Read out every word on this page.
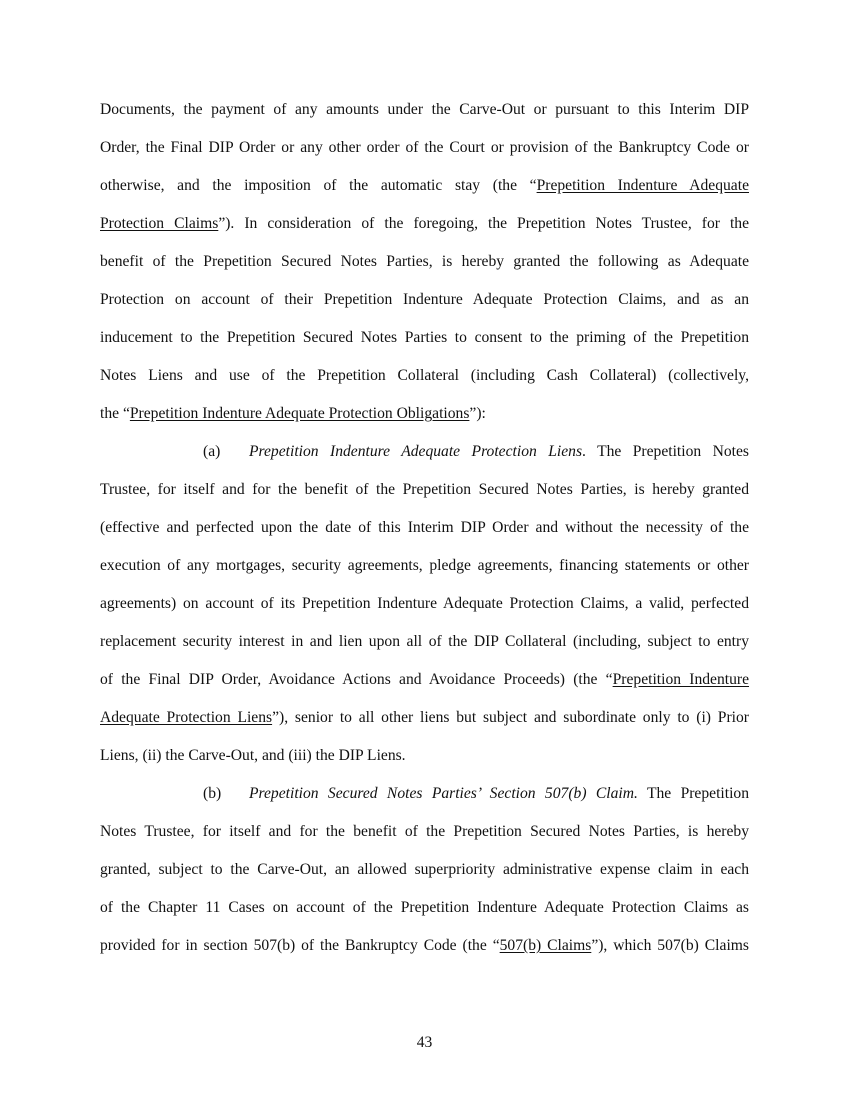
Documents, the payment of any amounts under the Carve-Out or pursuant to this Interim DIP
Order, the Final DIP Order or any other order of the Court or provision of the Bankruptcy Code or
otherwise, and the imposition of the automatic stay (the “Prepetition Indenture Adequate
Protection Claims”). In consideration of the foregoing, the Prepetition Notes Trustee, for the
benefit of the Prepetition Secured Notes Parties, is hereby granted the following as Adequate
Protection on account of their Prepetition Indenture Adequate Protection Claims, and as an
inducement to the Prepetition Secured Notes Parties to consent to the priming of the Prepetition
Notes Liens and use of the Prepetition Collateral (including Cash Collateral) (collectively,
the “Prepetition Indenture Adequate Protection Obligations”):
(a) Prepetition Indenture Adequate Protection Liens. The Prepetition Notes
Trustee, for itself and for the benefit of the Prepetition Secured Notes Parties, is hereby granted
(effective and perfected upon the date of this Interim DIP Order and without the necessity of the
execution of any mortgages, security agreements, pledge agreements, financing statements or other
agreements) on account of its Prepetition Indenture Adequate Protection Claims, a valid, perfected
replacement security interest in and lien upon all of the DIP Collateral (including, subject to entry
of the Final DIP Order, Avoidance Actions and Avoidance Proceeds) (the “Prepetition Indenture
Adequate Protection Liens”), senior to all other liens but subject and subordinate only to (i) Prior
Liens, (ii) the Carve-Out, and (iii) the DIP Liens.
(b) Prepetition Secured Notes Parties’ Section 507(b) Claim. The Prepetition
Notes Trustee, for itself and for the benefit of the Prepetition Secured Notes Parties, is hereby
granted, subject to the Carve-Out, an allowed superpriority administrative expense claim in each
of the Chapter 11 Cases on account of the Prepetition Indenture Adequate Protection Claims as
provided for in section 507(b) of the Bankruptcy Code (the “507(b) Claims”), which 507(b) Claims
43
